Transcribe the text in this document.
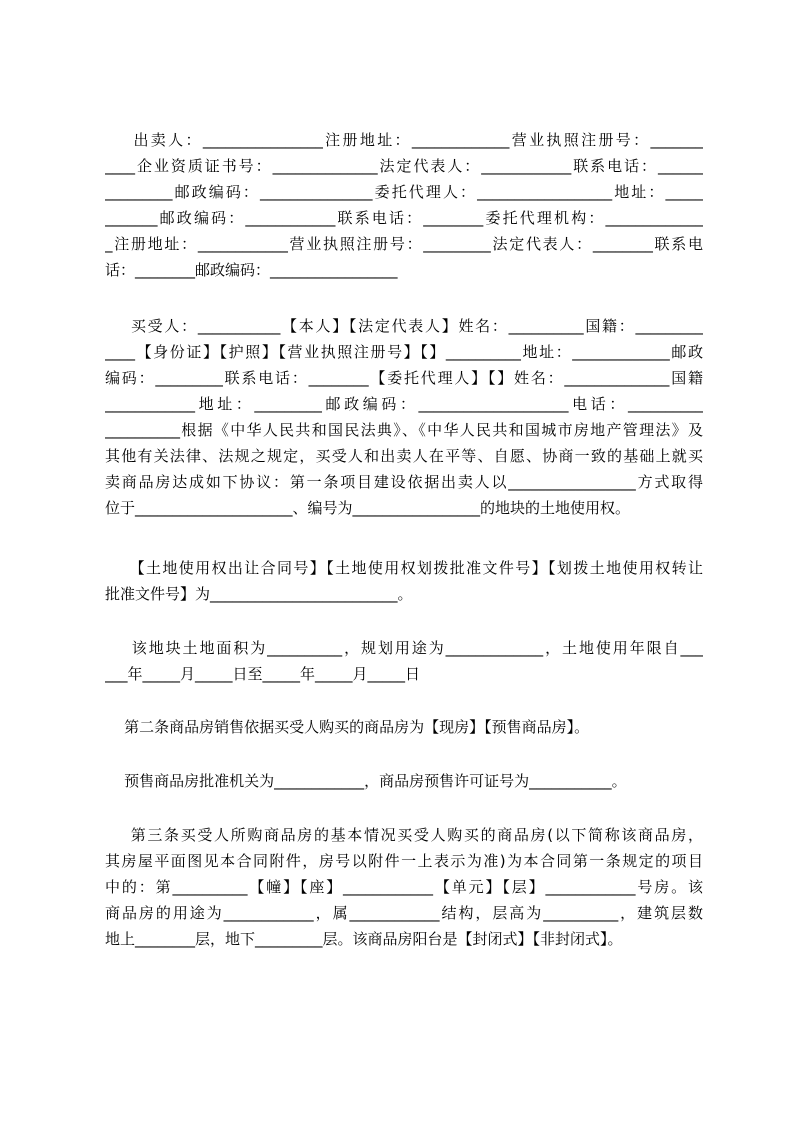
出卖人：________________注册地址：_____________营业执照注册号：_______
____企业资质证书号：______________法定代表人：____________联系电话：______
_________邮政编码：_______________委托代理人：__________________地址：_____
_______邮政编码：____________联系电话：________委托代理机构：_____________
_注册地址：____________营业执照注册号：_________法定代表人：________联系电
话：________邮政编码：_________________
买受人：___________【本人】【法定代表人】姓名：__________国籍：_________
____【身份证】【护照】【营业执照注册号】【】__________地址：_____________邮政
编码：_________联系电话：________【委托代理人】【】姓名：______________国籍
____________地址：_________邮政编码：____________________电话：__________
__________根据《中华人民共和国民法典》、《中华人民共和国城市房地产管理法》及
其他有关法律、法规之规定，买受人和出卖人在平等、自愿、协商一致的基础上就买
卖商品房达成如下协议：第一条项目建设依据出卖人以_________________方式取得
位于_____________________、编号为_________________的地块的土地使用权。
【土地使用权出让合同号】【土地使用权划拨批准文件号】【划拨土地使用权转让
批准文件号】为_________________________。
该地块土地面积为__________，规划用途为_____________，土地使用年限自___
___年_____月_____日至_____年_____月_____日
第二条商品房销售依据买受人购买的商品房为【现房】【预售商品房】。
预售商品房批准机关为____________，商品房预售许可证号为___________。
第三条买受人所购商品房的基本情况买受人购买的商品房(以下简称该商品房，
其房屋平面图见本合同附件，房号以附件一上表示为准)为本合同第一条规定的项目
中的：第__________【幢】【座】____________【单元】【层】____________号房。该
商品房的用途为____________，属____________结构，层高为__________，建筑层数
地上________层，地下_________层。该商品房阳台是【封闭式】【非封闭式】。
